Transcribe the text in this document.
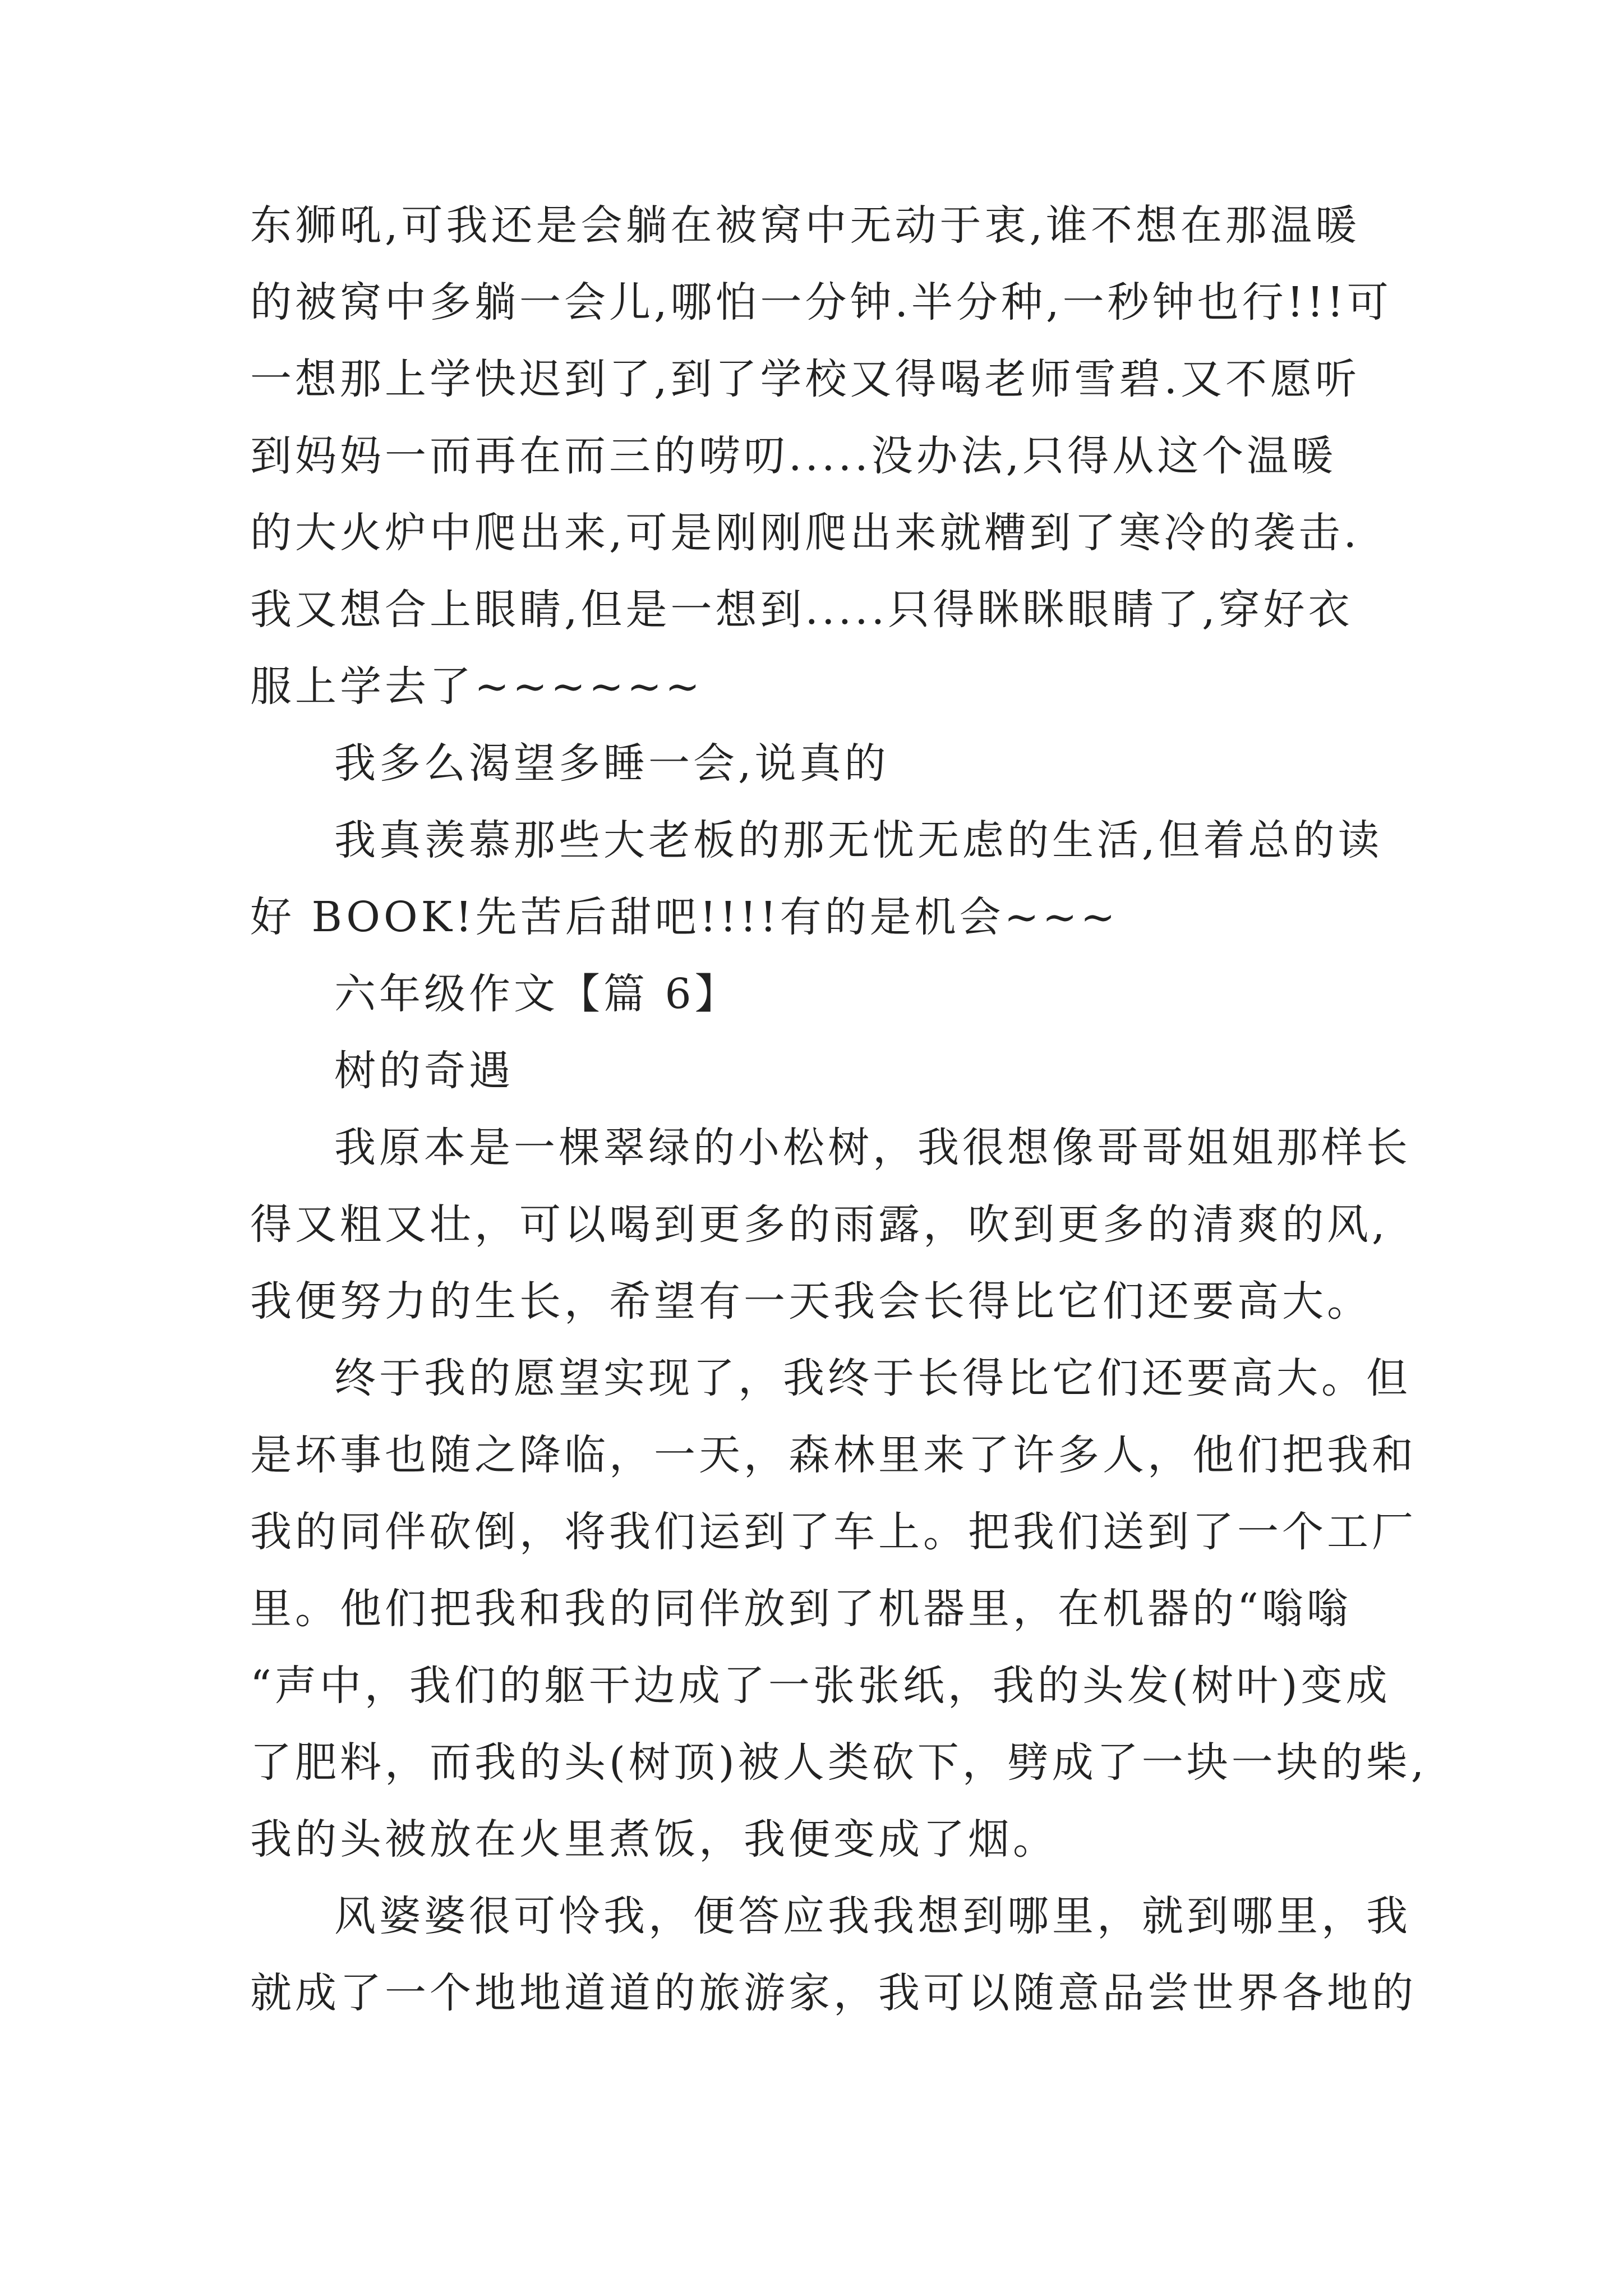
东狮吼,可我还是会躺在被窝中无动于衷,谁不想在那温暖
的被窝中多躺一会儿,哪怕一分钟.半分种,一秒钟也行!!!可
一想那上学快迟到了,到了学校又得喝老师雪碧.又不愿听
到妈妈一而再在而三的唠叨.....没办法,只得从这个温暖
的大火炉中爬出来,可是刚刚爬出来就糟到了寒冷的袭击.
我又想合上眼睛,但是一想到.....只得眯眯眼睛了,穿好衣
服上学去了~~~~~~
我多么渴望多睡一会,说真的
我真羡慕那些大老板的那无忧无虑的生活,但着总的读
好 BOOK!先苦后甜吧!!!!有的是机会~~~
六年级作文【篇 6】
树的奇遇
我原本是一棵翠绿的小松树，我很想像哥哥姐姐那样长
得又粗又壮，可以喝到更多的雨露，吹到更多的清爽的风,
我便努力的生长，希望有一天我会长得比它们还要高大。
终于我的愿望实现了，我终于长得比它们还要高大。但
是坏事也随之降临，一天，森林里来了许多人，他们把我和
我的同伴砍倒，将我们运到了车上。把我们送到了一个工厂
里。他们把我和我的同伴放到了机器里，在机器的“嗡嗡
“声中，我们的躯干边成了一张张纸，我的头发(树叶)变成
了肥料，而我的头(树顶)被人类砍下，劈成了一块一块的柴,
我的头被放在火里煮饭，我便变成了烟。
风婆婆很可怜我，便答应我我想到哪里，就到哪里，我
就成了一个地地道道的旅游家，我可以随意品尝世界各地的
